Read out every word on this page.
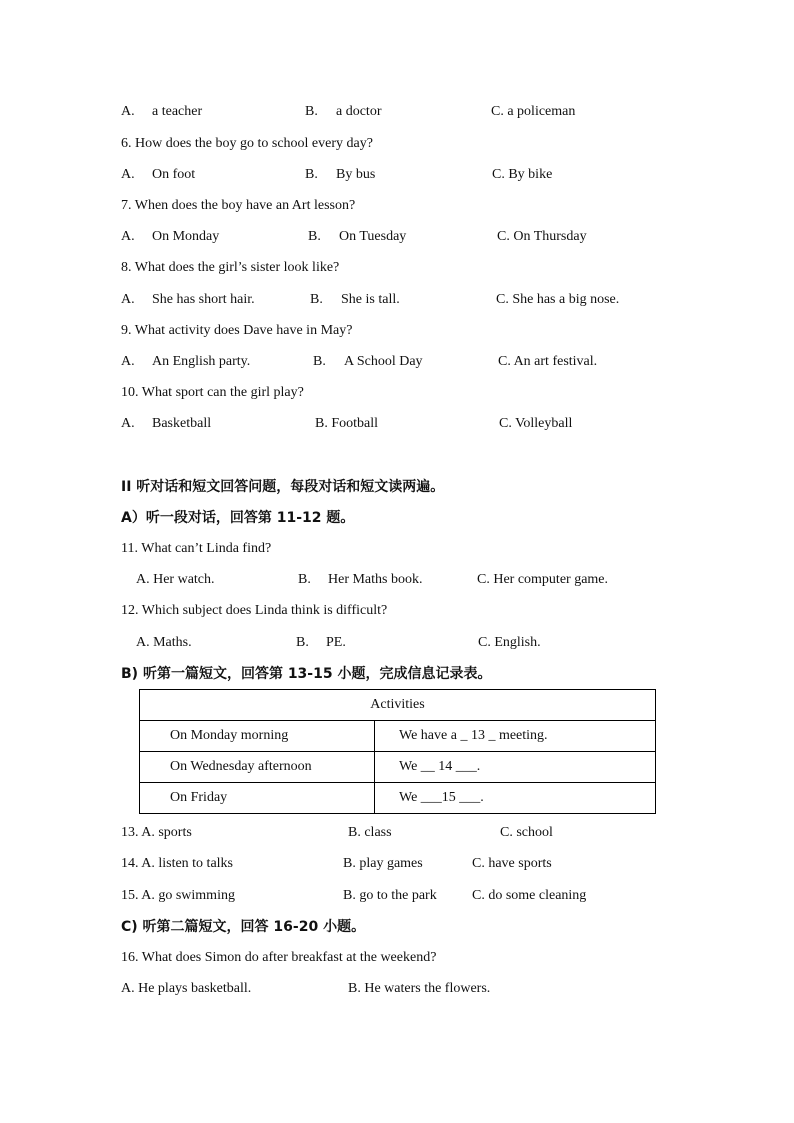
A. a teacher	B. a doctor	C. a policeman
6. How does the boy go to school every day?
A. On foot	B. By bus	C. By bike
7. When does the boy have an Art lesson?
A. On Monday	B. On Tuesday	C. On Thursday
8. What does the girl’s sister look like?
A. She has short hair.	B. She is tall.	C. She has a big nose.
9. What activity does Dave have in May?
A. An English party.	B. A School Day	C. An art festival.
10. What sport can the girl play?
A. Basketball	B. Football	C. Volleyball
II 听对话和短文回答问题，每段对话和短文读两遍。
A）听一段对话，回答第 11-12 题。
11. What can’t Linda find?
A. Her watch.	B. Her Maths book.	C. Her computer game.
12. Which subject does Linda think is difficult?
A. Maths.	B. PE.	C. English.
B) 听第一篇短文，回答第 13-15 小题，完成信息记录表。
Activities	
On Monday morning	We have a _ 13 _ meeting.
On Wednesday afternoon	We __ 14 ___.
On Friday	We ___15 ___.
13. A. sports	B. class	C. school
14. A. listen to talks	B. play games	C. have sports
15. A. go swimming	B. go to the park	C. do some cleaning
C) 听第二篇短文，回答 16-20 小题。
16. What does Simon do after breakfast at the weekend?
A. He plays basketball.	B. He waters the flowers.
